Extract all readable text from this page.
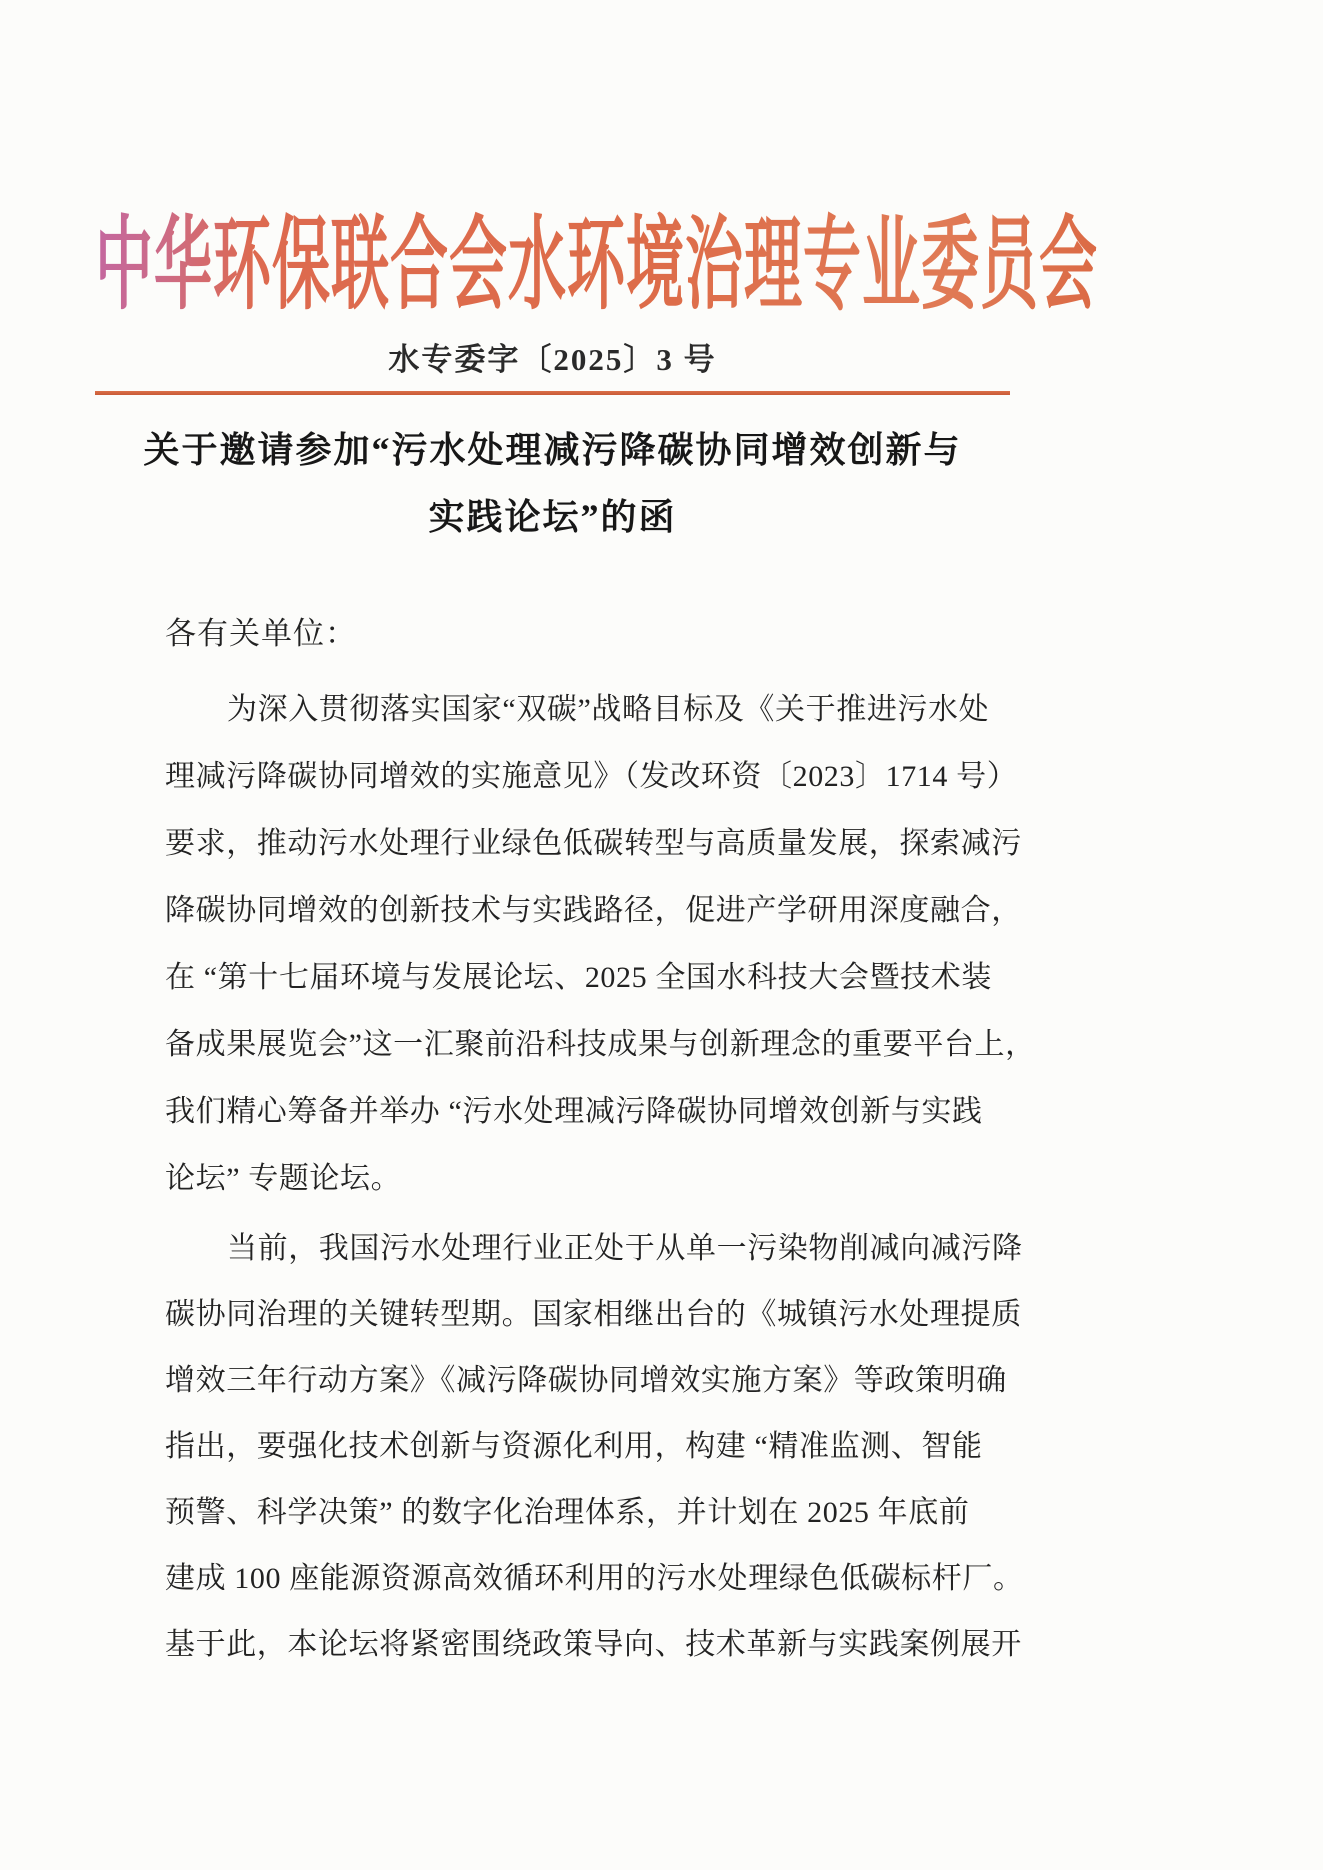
中华环保联合会水环境治理专业委员会
水专委字〔2025〕3 号
关于邀请参加“污水处理减污降碳协同增效创新与
实践论坛”的函
各有关单位：
为深入贯彻落实国家“双碳”战略目标及《关于推进污水处
理减污降碳协同增效的实施意见》（发改环资〔2023〕1714 号）
要求，推动污水处理行业绿色低碳转型与高质量发展，探索减污
降碳协同增效的创新技术与实践路径，促进产学研用深度融合，
在 “第十七届环境与发展论坛、2025 全国水科技大会暨技术装
备成果展览会”这一汇聚前沿科技成果与创新理念的重要平台上，
我们精心筹备并举办 “污水处理减污降碳协同增效创新与实践
论坛” 专题论坛。
当前，我国污水处理行业正处于从单一污染物削减向减污降
碳协同治理的关键转型期。国家相继出台的《城镇污水处理提质
增效三年行动方案》《减污降碳协同增效实施方案》等政策明确
指出，要强化技术创新与资源化利用，构建 “精准监测、智能
预警、科学决策” 的数字化治理体系，并计划在 2025 年底前
建成 100 座能源资源高效循环利用的污水处理绿色低碳标杆厂。
基于此，本论坛将紧密围绕政策导向、技术革新与实践案例展开
